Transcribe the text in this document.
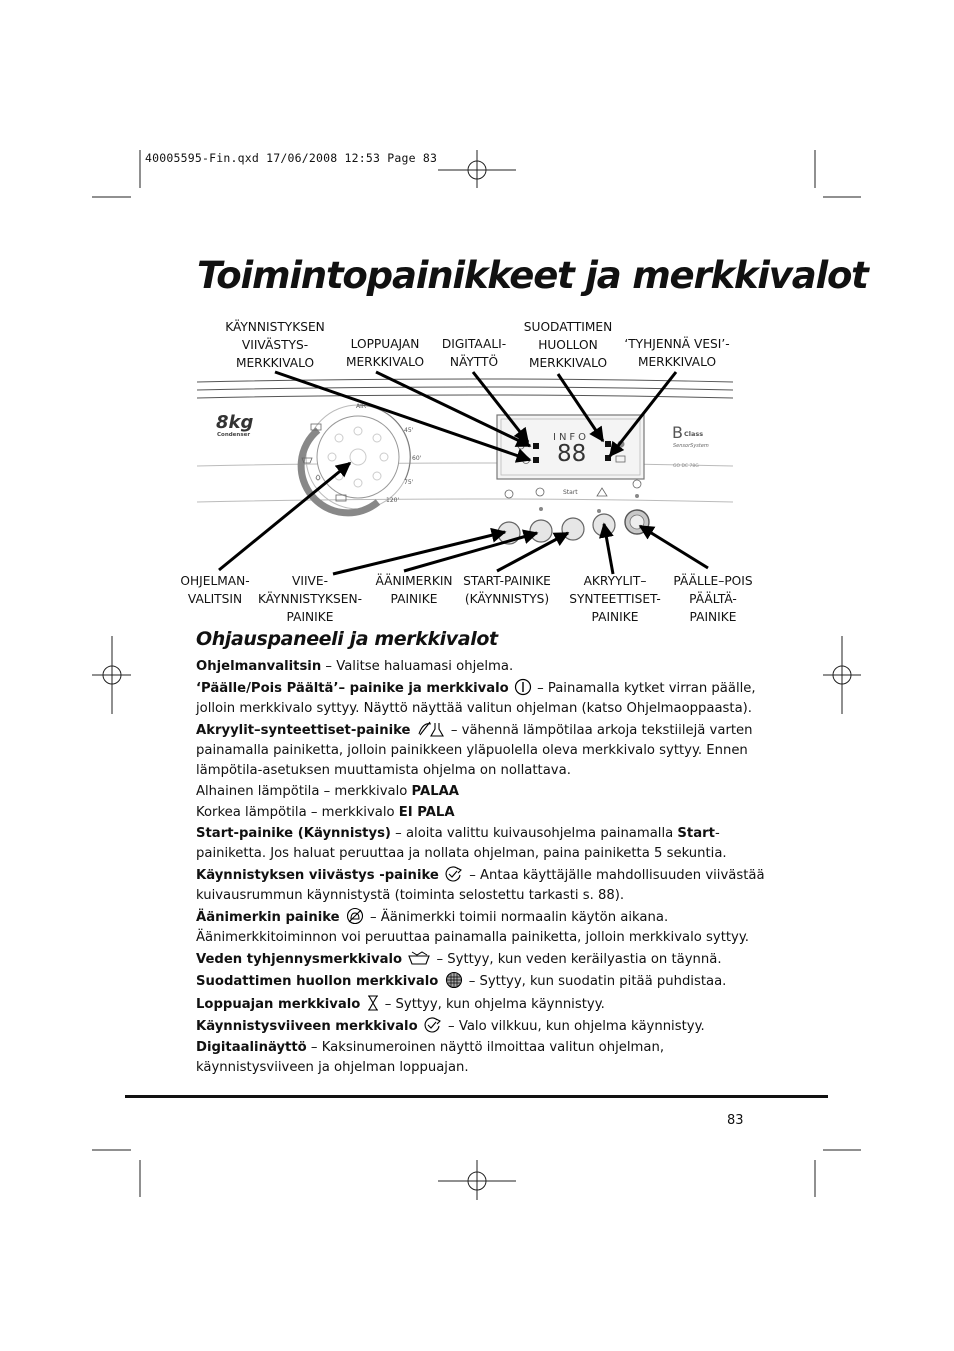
40005595-Fin.qxd 17/06/2008 12:53 Page 83
Toimintopainikkeet ja merkkivalot
KÄYNNISTYKSEN
VIIVÄSTYS-
MERKKIVALO
LOPPUAJAN
MERKKIVALO
DIGITAALI-
NÄYTTÖ
SUODATTIMEN
HUOLLON
MERKKIVALO
‘TYHJENNÄ VESI’-
MERKKIVALO
8kg
Condenser
AIR
45'
60'
75'
120'
INFO
88
B Class
SensorSystem
GO DC 78G
Start
OHJELMAN-
VALITSIN
VIIVE-
KÄYNNISTYKSEN-
PAINIKE
ÄÄNIMERKIN
PAINIKE
START-PAINIKE
(KÄYNNISTYS)
AKRYYLIT–
SYNTEETTISET-
PAINIKE
PÄÄLLE–POIS
PÄÄLTÄ-
PAINIKE
Ohjauspaneeli ja merkkivalot

Ohjelmanvalitsin – Valitse haluamasi ohjelma.

‘Päälle/Pois Päältä’– painike ja merkkivalo  – Painamalla kytket virran päälle, jolloin merkkivalo syttyy. Näyttö näyttää valitun ohjelman (katso Ohjelmaoppaasta).

Akryylit–synteettiset-painike	– vähennä lämpötilaa arkoja tekstiilejä varten painamalla painiketta, jolloin painikkeen yläpuolella oleva merkkivalo syttyy. Ennen lämpötila-asetuksen muuttamista ohjelma on nollattava.

Alhainen lämpötila – merkkivalo PALAA

Korkea lämpötila – merkkivalo EI PALA

Start-painike (Käynnistys) – aloita valittu kuivausohjelma painamalla Start-painiketta. Jos haluat peruuttaa ja nollata ohjelman, paina painiketta 5 sekuntia.

Käynnistyksen viivästys -painike  – Antaa käyttäjälle mahdollisuuden viivästää kuivausrummun käynnistystä (toiminta selostettu tarkasti s. 88).

Äänimerkin painike  – Äänimerkki toimii normaalin käytön aikana. Äänimerkkitoiminnon voi peruuttaa painamalla painiketta, jolloin merkkivalo syttyy.

Veden tyhjennysmerkkivalo  – Syttyy, kun veden keräilyastia on täynnä.

Suodattimen huollon merkkivalo  – Syttyy, kun suodatin pitää puhdistaa.

Loppuajan merkkivalo  – Syttyy, kun ohjelma käynnistyy.

Käynnistysviiveen merkkivalo  – Valo vilkkuu, kun ohjelma käynnistyy.

Digitaalinäyttö – Kaksinumeroinen näyttö ilmoittaa valitun ohjelman, käynnistysviiveen ja ohjelman loppuajan.

83
